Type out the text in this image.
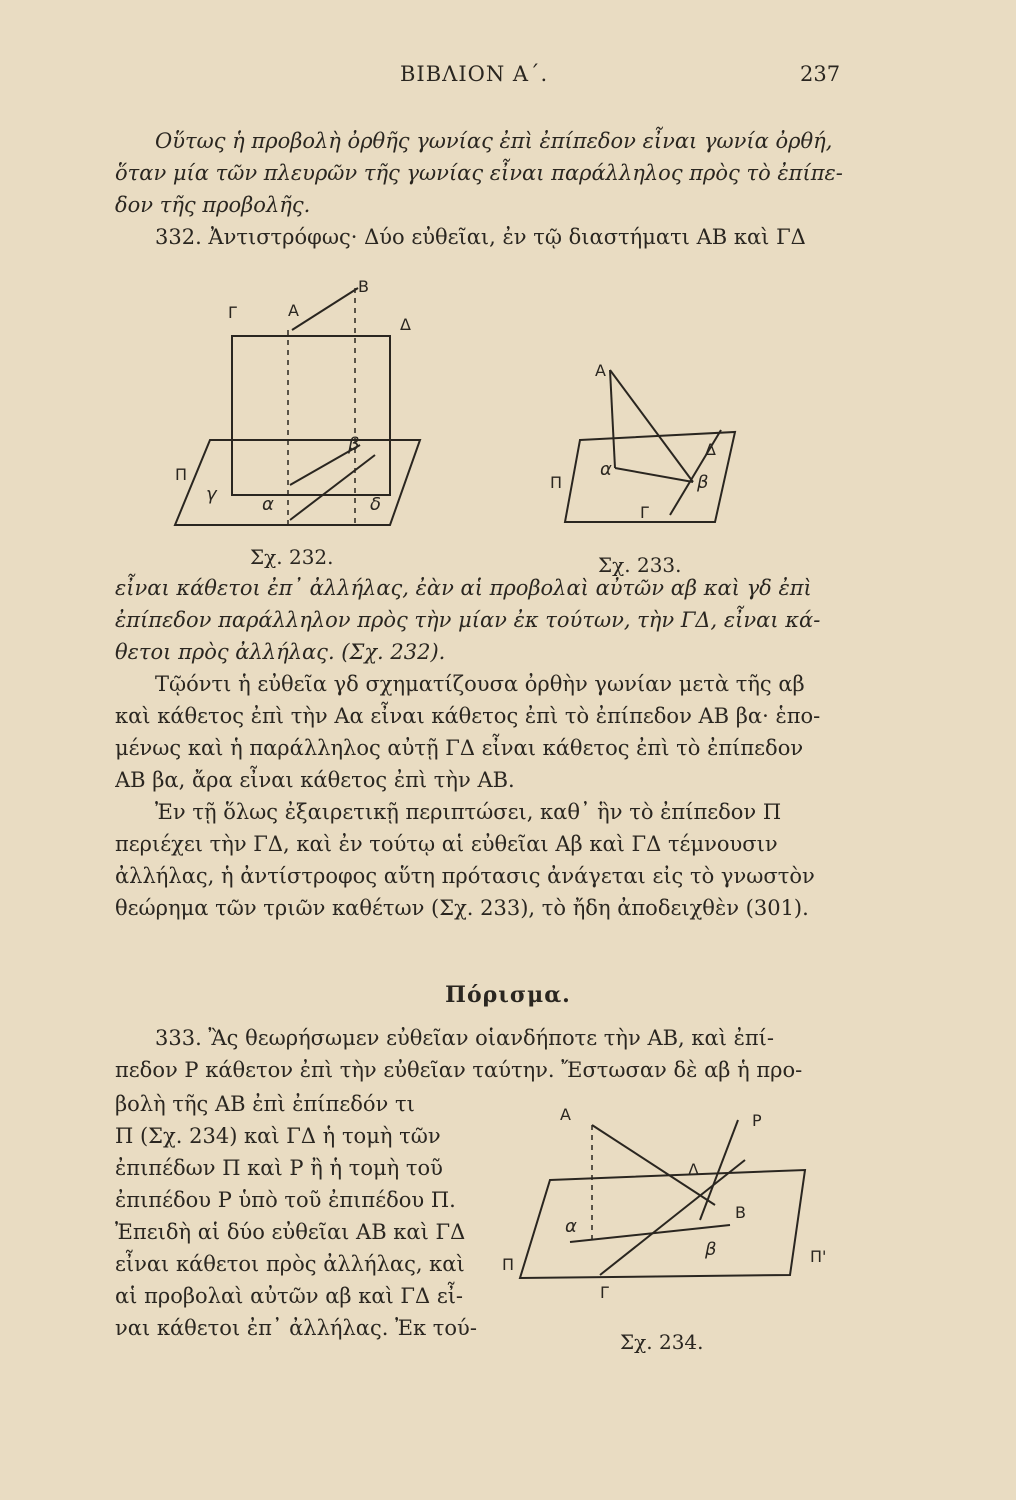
ΒΙΒΛΙΟΝ Α΄.	237
Οὕτως ἡ προβολὴ ὀρθῆς γωνίας ἐπὶ ἐπίπεδον εἶναι γωνία ὀρθή,
ὅταν μία τῶν πλευρῶν τῆς γωνίας εἶναι παράλληλος πρὸς τὸ ἐπίπε-
δον τῆς προβολῆς.
332. Ἀντιστρόφως· Δύο εὐθεῖαι, ἐν τῷ διαστήματι ΑΒ καὶ ΓΔ
Γ	A
B
Δ
Π
γ	α
β
δ
Σχ. 232.
A
α
Δ
β
Π
Γ
Σχ. 233.
εἶναι κάθετοι ἐπ᾽ ἀλλήλας, ἐὰν αἱ προβολαὶ αὐτῶν αβ καὶ γδ ἐπὶ
ἐπίπεδον παράλληλον πρὸς τὴν μίαν ἐκ τούτων, τὴν ΓΔ, εἶναι κά-
θετοι πρὸς ἀλλήλας. (Σχ. 232).
Τῷόντι ἡ εὐθεῖα γδ σχηματίζουσα ὀρθὴν γωνίαν μετὰ τῆς αβ
καὶ κάθετος ἐπὶ τὴν Αα εἶναι κάθετος ἐπὶ τὸ ἐπίπεδον ΑΒ βα· ἑπο-
μένως καὶ ἡ παράλληλος αὐτῇ ΓΔ εἶναι κάθετος ἐπὶ τὸ ἐπίπεδον
ΑΒ βα, ἄρα εἶναι κάθετος ἐπὶ τὴν ΑΒ.
Ἐν τῇ ὅλως ἐξαιρετικῇ περιπτώσει, καθ᾽ ἣν τὸ ἐπίπεδον Π
περιέχει τὴν ΓΔ, καὶ ἐν τούτῳ αἱ εὐθεῖαι Αβ καὶ ΓΔ τέμνουσιν
ἀλλήλας, ἡ ἀντίστροφος αὕτη πρότασις ἀνάγεται εἰς τὸ γνωστὸν
θεώρημα τῶν τριῶν καθέτων (Σχ. 233), τὸ ἤδη ἀποδειχθὲν (301).
Πόρισμα.
333. Ἂς θεωρήσωμεν εὐθεῖαν οἱανδήποτε τὴν ΑΒ, καὶ ἐπί-
πεδον Ρ κάθετον ἐπὶ τὴν εὐθεῖαν ταύτην. Ἔστωσαν δὲ αβ ἡ προ-
βολὴ τῆς ΑΒ ἐπὶ ἐπίπεδόν τι
Π (Σχ. 234) καὶ ΓΔ ἡ τομὴ τῶν
ἐπιπέδων Π καὶ Ρ ἢ ἡ τομὴ τοῦ
ἐπιπέδου Ρ ὑπὸ τοῦ ἐπιπέδου Π.
Ἐπειδὴ αἱ δύο εὐθεῖαι ΑΒ καὶ ΓΔ
εἶναι κάθετοι πρὸς ἀλλήλας, καὶ
αἱ προβολαὶ αὐτῶν αβ καὶ ΓΔ εἶ-
ναι κάθετοι ἐπ᾽ ἀλλήλας. Ἐκ τού-
A	P
Δ
B
α
β
Π	Π'
Γ
Σχ. 234.
